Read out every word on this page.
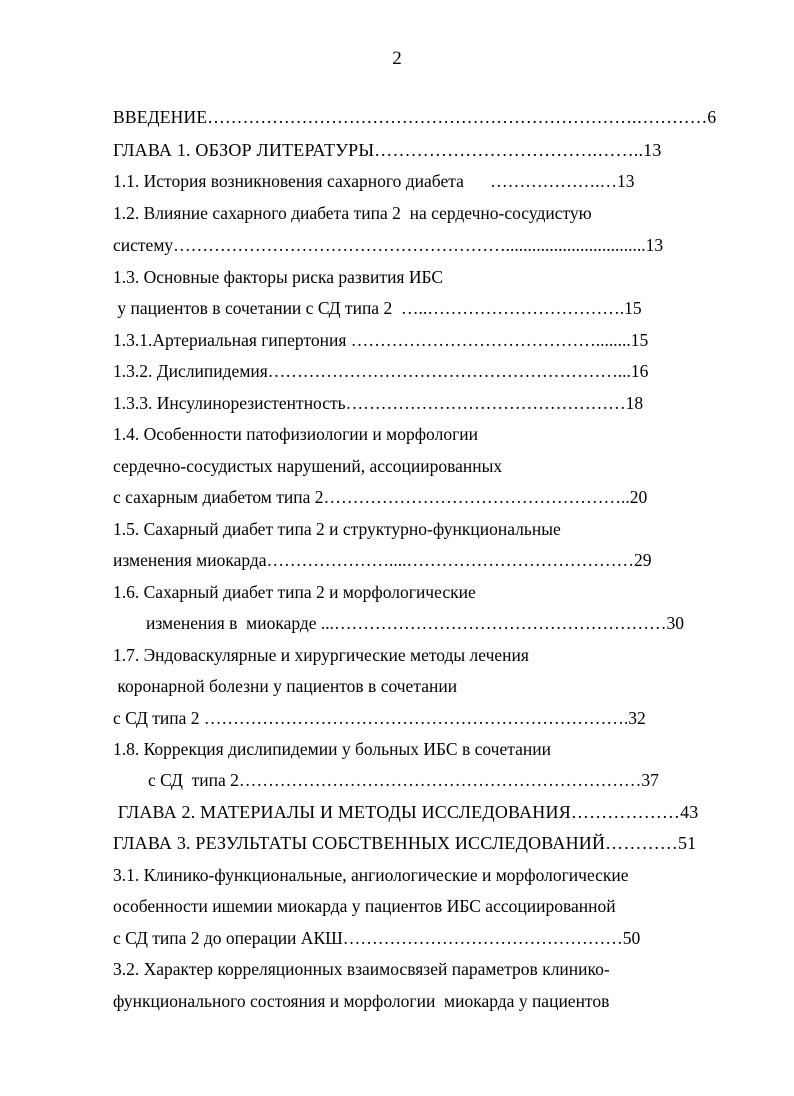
2
ВВЕДЕНИЕ……………………………………………………………….…………6
ГЛАВА 1. ОБЗОР ЛИТЕРАТУРЫ……………………………….……..13
1.1. История возникновения сахарного диабета      ……………….…13
1.2. Влияние сахарного диабета типа 2  на сердечно-сосудистую
систему…………………………………………………................................13
1.3. Основные факторы риска развития ИБС
у пациентов в сочетании с СД типа 2  …..…………………………….15
1.3.1.Артериальная гипертония ……………………………………........15
1.3.2. Дислипидемия……………………………………………………...16
1.3.3. Инсулинорезистентность…………………………………………18
1.4. Особенности патофизиологии и морфологии
сердечно-сосудистых нарушений, ассоциированных
с сахарным диабетом типа 2……………………………………………..20
1.5. Сахарный диабет типа 2 и структурно-функциональные
изменения миокарда…………………....…………………………………29
1.6. Сахарный диабет типа 2 и морфологические
изменения в  миокарде ...…………………………………………………30
1.7. Эндоваскулярные и хирургические методы лечения
коронарной болезни у пациентов в сочетании
с СД типа 2 ……………………………………………………………….32
1.8. Коррекция дислипидемии у больных ИБС в сочетании
с СД  типа 2……………………………………………………………37
ГЛАВА 2. МАТЕРИАЛЫ И МЕТОДЫ ИССЛЕДОВАНИЯ………………43
ГЛАВА 3. РЕЗУЛЬТАТЫ СОБСТВЕННЫХ ИССЛЕДОВАНИЙ…………51
3.1. Клинико-функциональные, ангиологические и морфологические
особенности ишемии миокарда у пациентов ИБС ассоциированной
с СД типа 2 до операции АКШ…………………………………………50
3.2. Характер корреляционных взаимосвязей параметров клинико-
функционального состояния и морфологии  миокарда у пациентов
